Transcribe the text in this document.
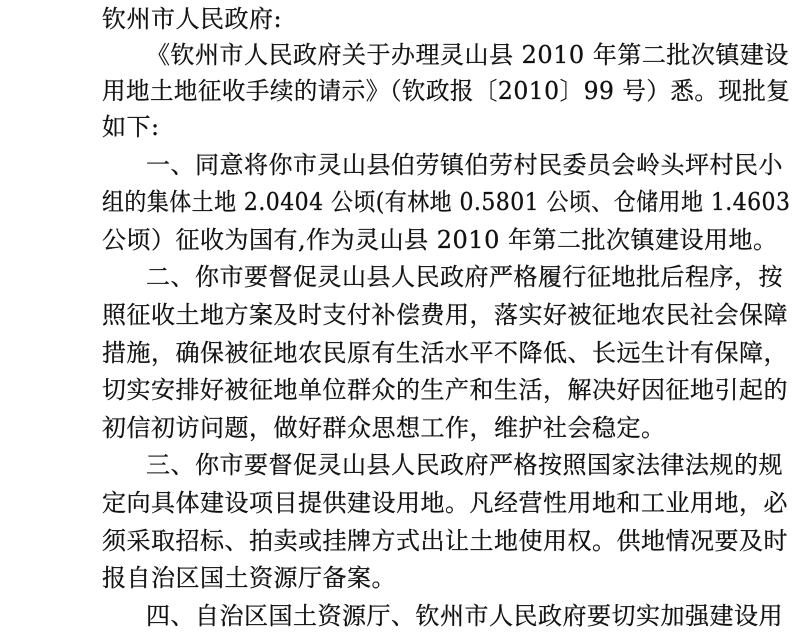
钦州市人民政府:
《钦州市人民政府关于办理灵山县 2010 年第二批次镇建设
用地土地征收手续的请示》（钦政报〔2010〕99 号）悉。现批复
如下:
一、同意将你市灵山县伯劳镇伯劳村民委员会岭头坪村民小
组的集体土地 2.0404 公顷(有林地 0.5801 公顷、仓储用地 1.4603
公顷）征收为国有,作为灵山县 2010 年第二批次镇建设用地。
二、你市要督促灵山县人民政府严格履行征地批后程序，按
照征收土地方案及时支付补偿费用，落实好被征地农民社会保障
措施，确保被征地农民原有生活水平不降低、长远生计有保障，
切实安排好被征地单位群众的生产和生活，解决好因征地引起的
初信初访问题，做好群众思想工作，维护社会稳定。
三、你市要督促灵山县人民政府严格按照国家法律法规的规
定向具体建设项目提供建设用地。凡经营性用地和工业用地，必
须采取招标、拍卖或挂牌方式出让土地使用权。供地情况要及时
报自治区国土资源厅备案。
四、自治区国土资源厅、钦州市人民政府要切实加强建设用
